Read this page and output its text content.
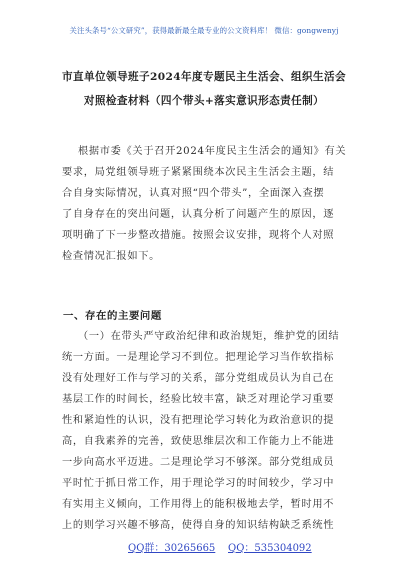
关注头条号“公文研究”，获得最新最全最专业的公文资料库！ 微信：gongwenyj
市直单位领导班子2024年度专题民主生活会、组织生活会
对照检查材料（四个带头+落实意识形态责任制）
根据市委《关于召开2024年度民主生活会的通知》有关
要求，局党组领导班子紧紧围绕本次民主生活会主题，结
合自身实际情况，认真对照“四个带头”，全面深入查摆
了自身存在的突出问题，认真分析了问题产生的原因，逐
项明确了下一步整改措施。按照会议安排，现将个人对照
检查情况汇报如下。
一、存在的主要问题
（一）在带头严守政治纪律和政治规矩，维护党的团结
统一方面。一是理论学习不到位。把理论学习当作软指标
没有处理好工作与学习的关系，部分党组成员认为自己在
基层工作的时间长，经验比较丰富，缺乏对理论学习重要
性和紧迫性的认识，没有把理论学习转化为政治意识的提
高，自我素养的完善，致使思维层次和工作能力上不能进
一步向高水平迈进。二是理论学习不够深。部分党组成员
平时忙于抓日常工作，用于理论学习的时间较少，学习中
有实用主义倾向，工作用得上的能积极地去学，暂时用不
上的则学习兴趣不够高，使得自身的知识结构缺乏系统性
QQ群：30265665 QQ：535304092
